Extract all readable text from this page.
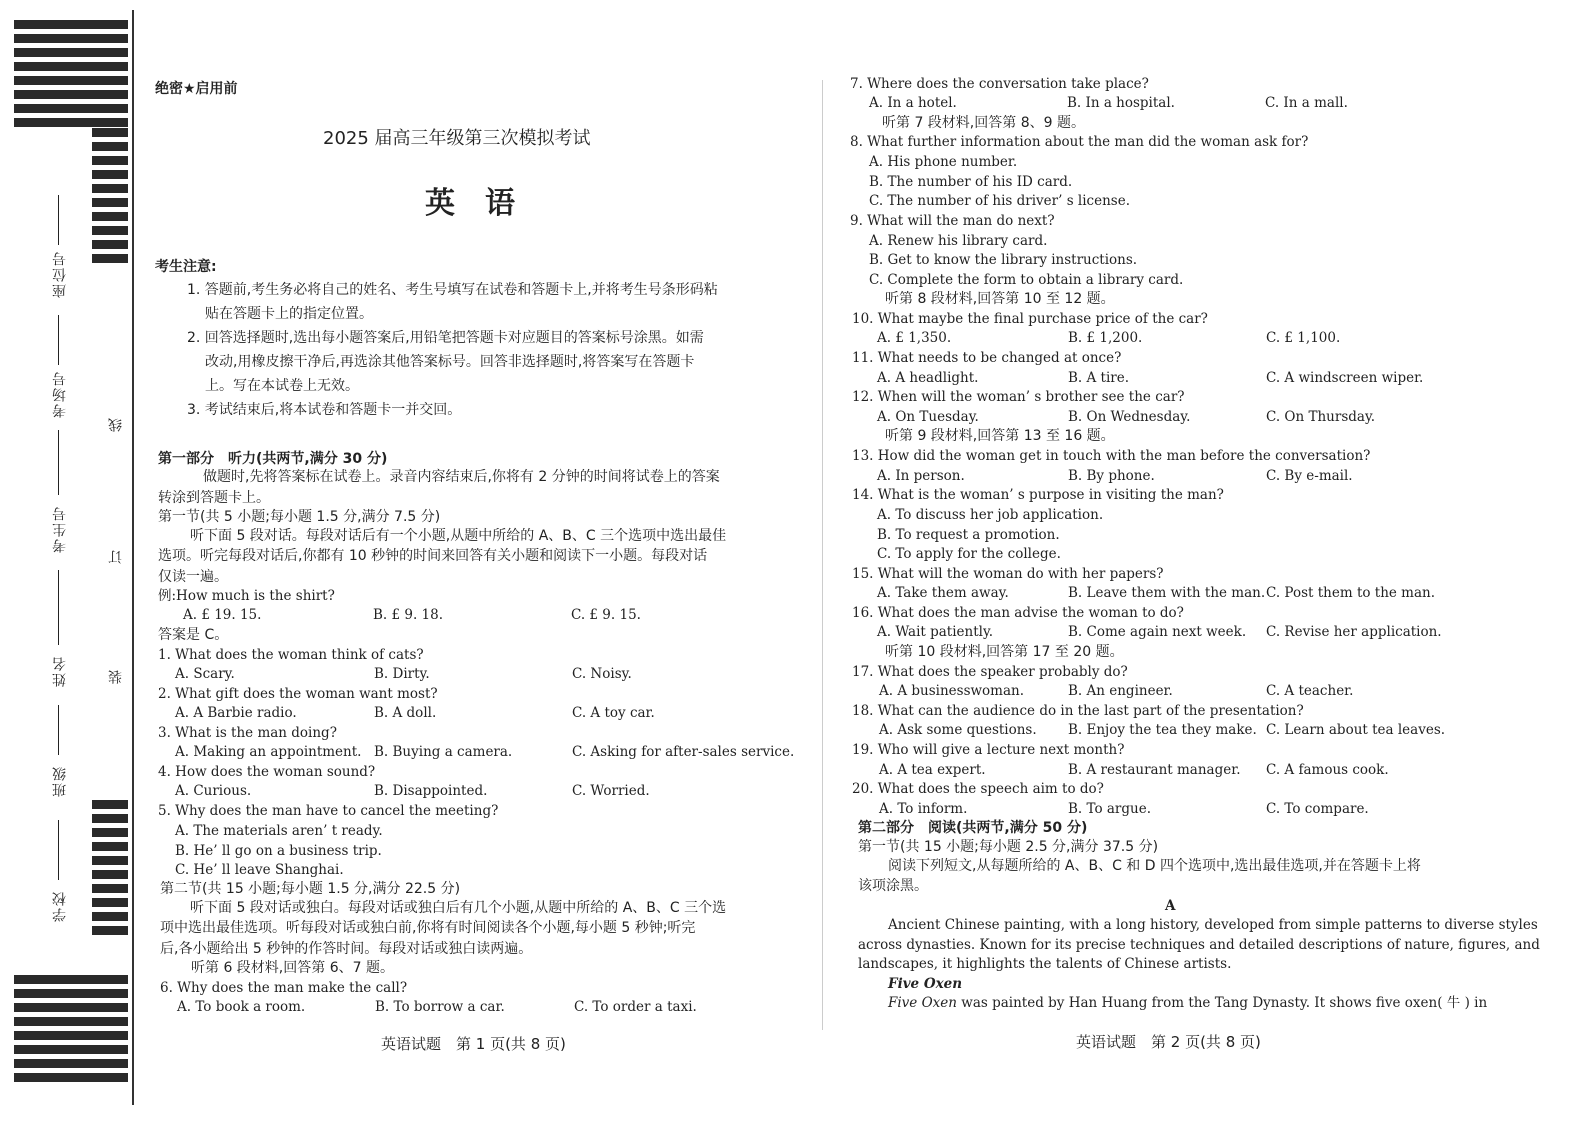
座位号
考场号
考生号
姓名
班级
学校
线
订
装
绝密★启用前
2025 届高三年级第三次模拟考试
英　语
考生注意:
1. 答题前,考生务必将自己的姓名、考生号填写在试卷和答题卡上,并将考生号条形码粘
贴在答题卡上的指定位置。
2. 回答选择题时,选出每小题答案后,用铅笔把答题卡对应题目的答案标号涂黑。如需
改动,用橡皮擦干净后,再选涂其他答案标号。回答非选择题时,将答案写在答题卡
上。写在本试卷上无效。
3. 考试结束后,将本试卷和答题卡一并交回。
第一部分　听力(共两节,满分 30 分)
做题时,先将答案标在试卷上。录音内容结束后,你将有 2 分钟的时间将试卷上的答案
转涂到答题卡上。
第一节(共 5 小题;每小题 1.5 分,满分 7.5 分)
听下面 5 段对话。每段对话后有一个小题,从题中所给的 A、B、C 三个选项中选出最佳
选项。听完每段对话后,你都有 10 秒钟的时间来回答有关小题和阅读下一小题。每段对话
仅读一遍。
例:How much is the shirt?
A. £ 19. 15.	B. £ 9. 18.	C. £ 9. 15.
答案是 C。
1. What does the woman think of cats?
A. Scary.	B. Dirty.	C. Noisy.
2. What gift does the woman want most?
A. A Barbie radio.	B. A doll.	C. A toy car.
3. What is the man doing?
A. Making an appointment. B. Buying a camera.	C. Asking for after-sales service.
4. How does the woman sound?
A. Curious.	B. Disappointed.	C. Worried.
5. Why does the man have to cancel the meeting?
A. The materials aren’ t ready.
B. He’ ll go on a business trip.
C. He’ ll leave Shanghai.
第二节(共 15 小题;每小题 1.5 分,满分 22.5 分)
听下面 5 段对话或独白。每段对话或独白后有几个小题,从题中所给的 A、B、C 三个选
项中选出最佳选项。听每段对话或独白前,你将有时间阅读各个小题,每小题 5 秒钟;听完
后,各小题给出 5 秒钟的作答时间。每段对话或独白读两遍。
听第 6 段材料,回答第 6、7 题。
6. Why does the man make the call?
A. To book a room.	B. To borrow a car.	C. To order a taxi.
英语试题　第 1 页(共 8 页)
7. Where does the conversation take place?
A. In a hotel.	B. In a hospital.	C. In a mall.
听第 7 段材料,回答第 8、9 题。
8. What further information about the man did the woman ask for?
A. His phone number.
B. The number of his ID card.
C. The number of his driver’ s license.
9. What will the man do next?
A. Renew his library card.
B. Get to know the library instructions.
C. Complete the form to obtain a library card.
听第 8 段材料,回答第 10 至 12 题。
10. What maybe the final purchase price of the car?
A. £ 1,350.	B. £ 1,200.	C. £ 1,100.
11. What needs to be changed at once?
A. A headlight.	B. A tire.	C. A windscreen wiper.
12. When will the woman’ s brother see the car?
A. On Tuesday.	B. On Wednesday.	C. On Thursday.
听第 9 段材料,回答第 13 至 16 题。
13. How did the woman get in touch with the man before the conversation?
A. In person.	B. By phone.	C. By e-mail.
14. What is the woman’ s purpose in visiting the man?
A. To discuss her job application.
B. To request a promotion.
C. To apply for the college.
15. What will the woman do with her papers?
A. Take them away.	B. Leave them with the man. C. Post them to the man.
16. What does the man advise the woman to do?
A. Wait patiently.	B. Come again next week. C. Revise her application.
听第 10 段材料,回答第 17 至 20 题。
17. What does the speaker probably do?
A. A businesswoman.	B. An engineer.	C. A teacher.
18. What can the audience do in the last part of the presentation?
A. Ask some questions. B. Enjoy the tea they make. C. Learn about tea leaves.
19. Who will give a lecture next month?
A. A tea expert.	B. A restaurant manager. C. A famous cook.
20. What does the speech aim to do?
A. To inform.	B. To argue.	C. To compare.
第二部分　阅读(共两节,满分 50 分)
第一节(共 15 小题;每小题 2.5 分,满分 37.5 分)
阅读下列短文,从每题所给的 A、B、C 和 D 四个选项中,选出最佳选项,并在答题卡上将
该项涂黑。
A
Ancient Chinese painting, with a long history, developed from simple patterns to diverse styles
across dynasties. Known for its precise techniques and detailed descriptions of nature, figures, and
landscapes, it highlights the talents of Chinese artists.
Five Oxen
Five Oxen was painted by Han Huang from the Tang Dynasty. It shows five oxen( 牛 ) in
英语试题　第 2 页(共 8 页)
